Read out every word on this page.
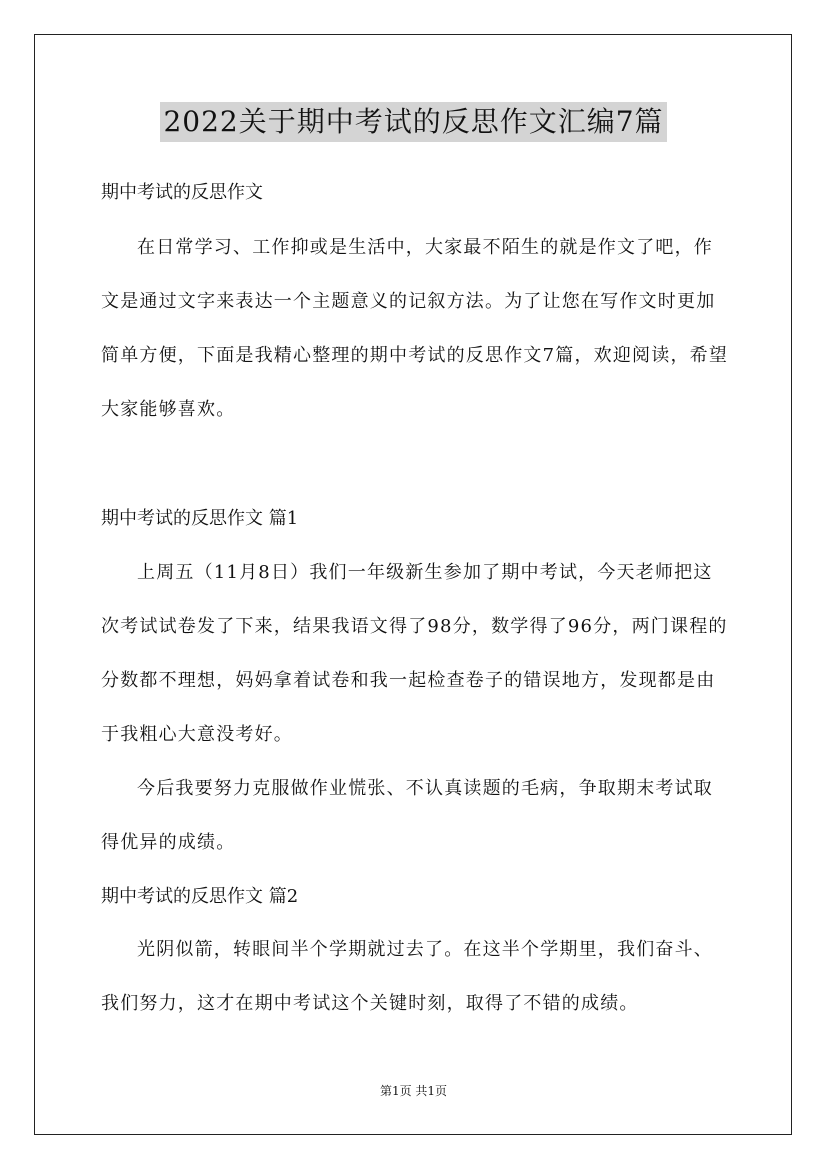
2022关于期中考试的反思作文汇编7篇
期中考试的反思作文

在日常学习、工作抑或是生活中，大家最不陌生的就是作文了吧，作文是通过文字来表达一个主题意义的记叙方法。为了让您在写作文时更加简单方便，下面是我精心整理的期中考试的反思作文7篇，欢迎阅读，希望大家能够喜欢。

期中考试的反思作文 篇1

上周五（11月8日）我们一年级新生参加了期中考试，今天老师把这次考试试卷发了下来，结果我语文得了98分，数学得了96分，两门课程的分数都不理想，妈妈拿着试卷和我一起检查卷子的错误地方，发现都是由于我粗心大意没考好。

今后我要努力克服做作业慌张、不认真读题的毛病，争取期末考试取得优异的成绩。

期中考试的反思作文 篇2

光阴似箭，转眼间半个学期就过去了。在这半个学期里，我们奋斗、我们努力，这才在期中考试这个关键时刻，取得了不错的成绩。

第1页 共1页
